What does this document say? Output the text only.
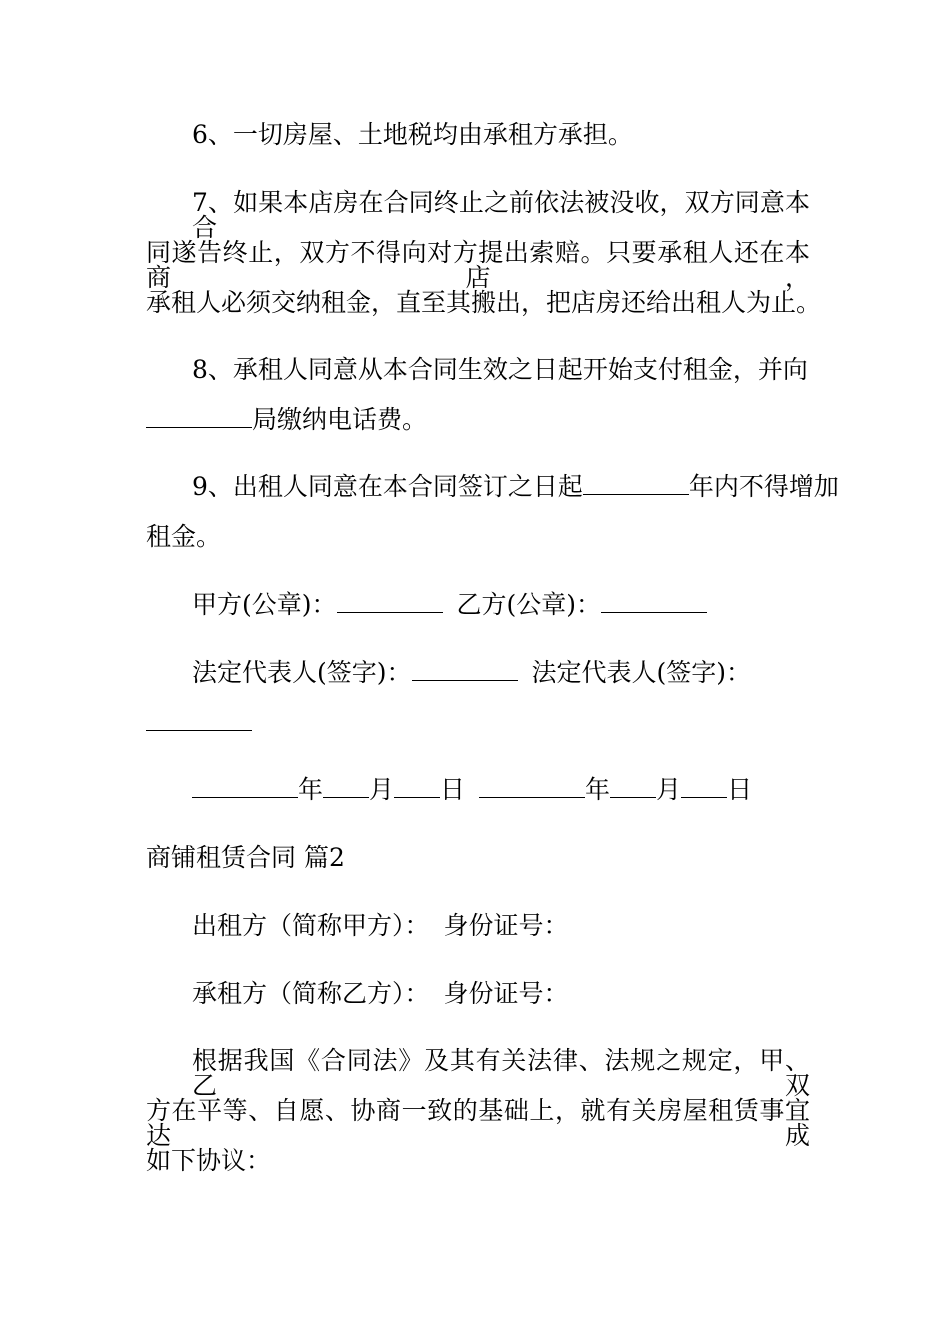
6、一切房屋、土地税均由承租方承担。

7、如果本店房在合同终止之前依法被没收，双方同意本合

同遂告终止，双方不得向对方提出索赔。只要承租人还在本商店，

承租人必须交纳租金，直至其搬出，把店房还给出租人为止。

8、承租人同意从本合同生效之日起开始支付租金，并向

局缴纳电话费。

9、出租人同意在本合同签订之日起	年内不得增加

租金。

甲方(公章)：	乙方(公章)：

法定代表人(签字)：	法定代表人(签字)：

年 月 日	年 月 日

商铺租赁合同 篇2

出租方（简称甲方）： 身份证号：

承租方（简称乙方）： 身份证号：

根据我国《合同法》及其有关法律、法规之规定，甲、乙双

方在平等、自愿、协商一致的基础上，就有关房屋租赁事宜达成

如下协议：
